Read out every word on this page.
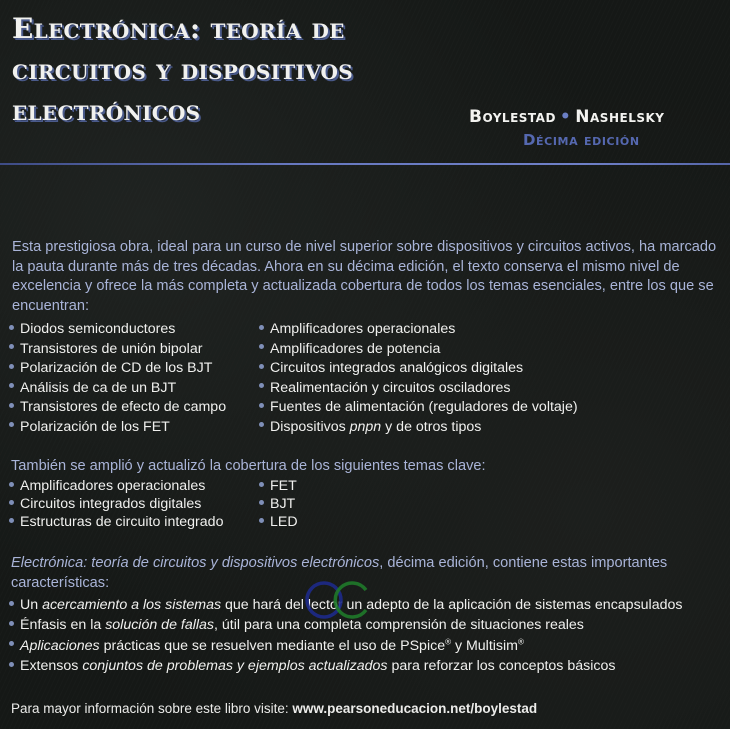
Electrónica: teoría de
circuitos y dispositivos
electrónicos	Boylestad • Nashelsky
Décima edición

Esta prestigiosa obra, ideal para un curso de nivel superior sobre dispositivos y circuitos activos, ha marcado la pauta durante más de tres décadas. Ahora en su décima edición, el texto conserva el mismo nivel de excelencia y ofrece la más completa y actualizada cobertura de todos los temas esenciales, entre los que se encuentran:

Diodos semiconductores
Transistores de unión bipolar
Polarización de CD de los BJT
Análisis de ca de un BJT
Transistores de efecto de campo
Polarización de los FET
Amplificadores operacionales
Amplificadores de potencia
Circuitos integrados analógicos digitales
Realimentación y circuitos osciladores
Fuentes de alimentación (reguladores de voltaje)
Dispositivos pnpn y de otros tipos

También se amplió y actualizó la cobertura de los siguientes temas clave:

Amplificadores operacionales
Circuitos integrados digitales
Estructuras de circuito integrado
FET
BJT
LED

Electrónica: teoría de circuitos y dispositivos electrónicos, décima edición, contiene estas importantes características:

Un acercamiento a los sistemas que hará del lector un adepto de la aplicación de sistemas encapsulados
Énfasis en la solución de fallas, útil para una completa comprensión de situaciones reales
Aplicaciones prácticas que se resuelven mediante el uso de PSpice® y Multisim®
Extensos conjuntos de problemas y ejemplos actualizados para reforzar los conceptos básicos

Para mayor información sobre este libro visite: www.pearsoneducacion.net/boylestad
